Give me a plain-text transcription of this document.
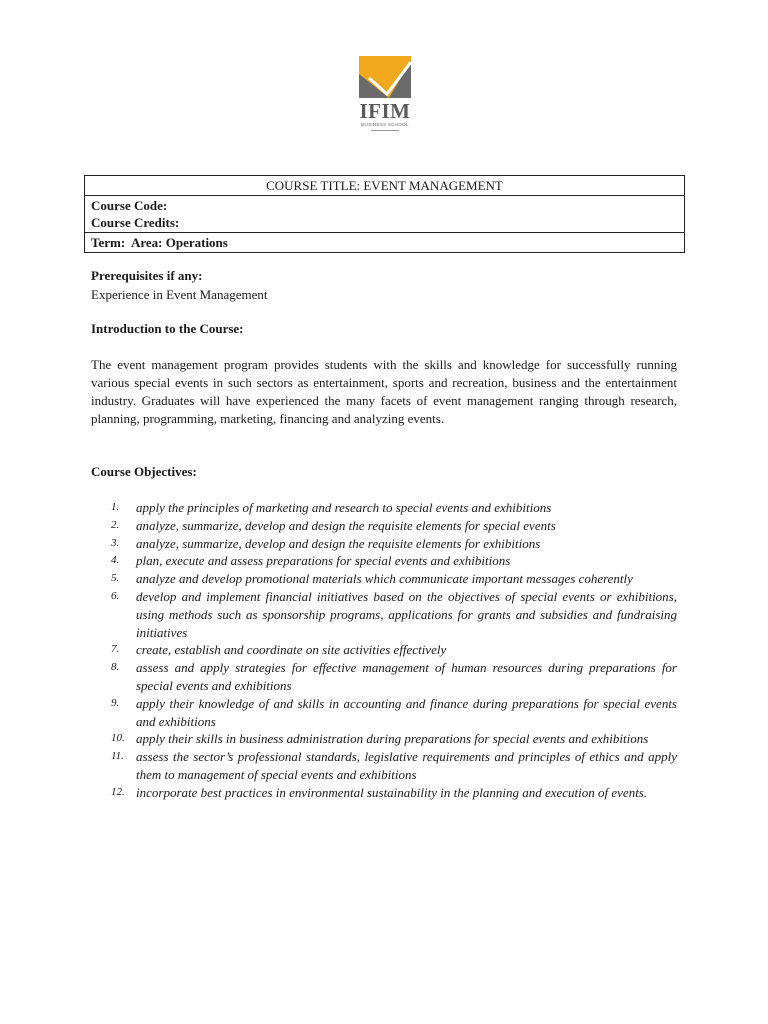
IFIM
BUSINESS SCHOOL
COURSE TITLE: EVENT MANAGEMENT

Course Code:
Course Credits:

Term:  Area: Operations
Prerequisites if any:
Experience in Event Management
Introduction to the Course:
The event management program provides students with the skills and knowledge for successfully running various special events in such sectors as entertainment, sports and recreation, business and the entertainment industry. Graduates will have experienced the many facets of event management ranging through research, planning, programming, marketing, financing and analyzing events.
Course Objectives:
1. apply the principles of marketing and research to special events and exhibitions
2. analyze, summarize, develop and design the requisite elements for special events
3. analyze, summarize, develop and design the requisite elements for exhibitions
4. plan, execute and assess preparations for special events and exhibitions
5. analyze and develop promotional materials which communicate important messages coherently
6. develop and implement financial initiatives based on the objectives of special events or exhibitions, using methods such as sponsorship programs, applications for grants and subsidies and fundraising initiatives
7. create, establish and coordinate on site activities effectively
8. assess and apply strategies for effective management of human resources during preparations for special events and exhibitions
9. apply their knowledge of and skills in accounting and finance during preparations for special events and exhibitions
10. apply their skills in business administration during preparations for special events and exhibitions
11. assess the sector’s professional standards, legislative requirements and principles of ethics and apply them to management of special events and exhibitions
12. incorporate best practices in environmental sustainability in the planning and execution of events.
